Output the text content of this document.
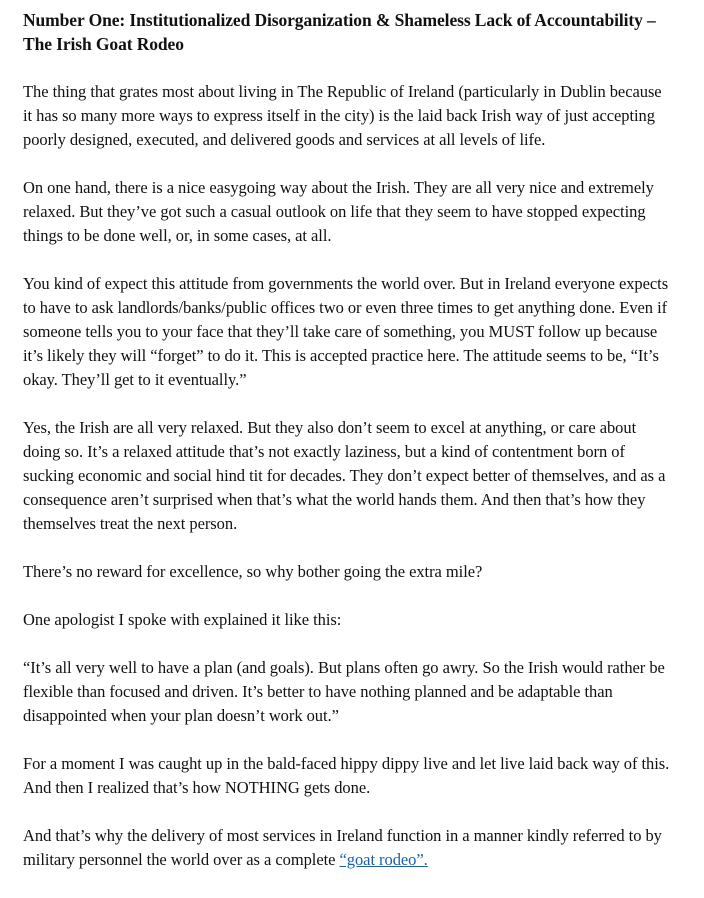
Number One: Institutionalized Disorganization & Shameless Lack of Accountability –The Irish Goat Rodeo

The thing that grates most about living in The Republic of Ireland (particularly in Dublin because it has so many more ways to express itself in the city) is the laid back Irish way of just accepting poorly designed, executed, and delivered goods and services at all levels of life.

On one hand, there is a nice easygoing way about the Irish. They are all very nice and extremely relaxed. But they’ve got such a casual outlook on life that they seem to have stopped expecting things to be done well, or, in some cases, at all.

You kind of expect this attitude from governments the world over. But in Ireland everyone expects to have to ask landlords/banks/public offices two or even three times to get anything done. Even if someone tells you to your face that they’ll take care of something, you MUST follow up because it’s likely they will “forget” to do it. This is accepted practice here. The attitude seems to be, “It’s okay. They’ll get to it eventually.”

Yes, the Irish are all very relaxed. But they also don’t seem to excel at anything, or care about doing so. It’s a relaxed attitude that’s not exactly laziness, but a kind of contentment born of sucking economic and social hind tit for decades. They don’t expect better of themselves, and as a consequence aren’t surprised when that’s what the world hands them. And then that’s how they themselves treat the next person.

There’s no reward for excellence, so why bother going the extra mile?

One apologist I spoke with explained it like this:

“It’s all very well to have a plan (and goals). But plans often go awry. So the Irish would rather be flexible than focused and driven. It’s better to have nothing planned and be adaptable than disappointed when your plan doesn’t work out.”

For a moment I was caught up in the bald-faced hippy dippy live and let live laid back way of this. And then I realized that’s how NOTHING gets done.

And that’s why the delivery of most services in Ireland function in a manner kindly referred to by military personnel the world over as a complete “goat rodeo”.
